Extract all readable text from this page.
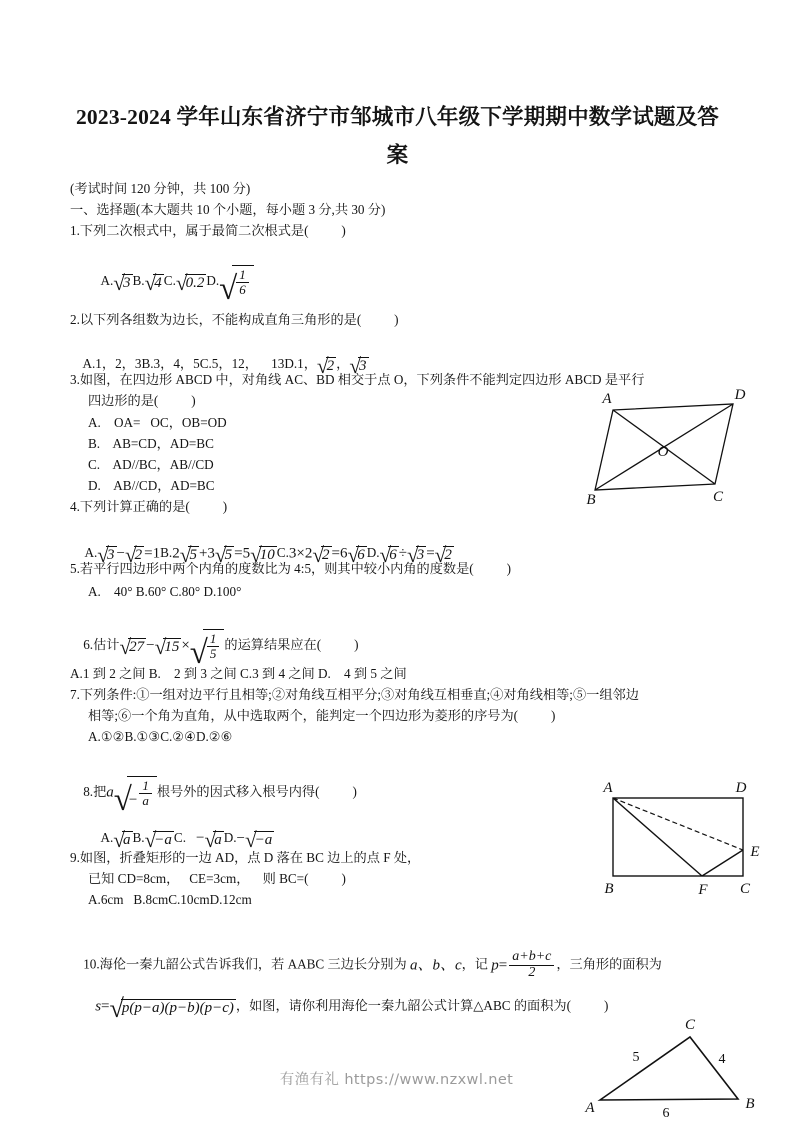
2023-2024 学年山东省济宁市邹城市八年级下学期期中数学试题及答案
(考试时间 120 分钟，共 100 分)
一、选择题(本大题共 10 个小题，每小题 3 分,共 30 分)
1.下列二次根式中，属于最简二次根式是(          )

A.√3 B.√4 C.√0.2 $D.√ \frac{1}{6}$

2.以下列各组数为边长，不能构成直角三角形的是(          )

A.1，2，3B.3，4，5C.5，12，    13D.1，√2 ，√3

3.如图，在四边形 ABCD 中，对角线 AC、BD 相交于点 O，下列条件不能判定四边形 ABCD 是平行
四边形的是(          )
A.    OA=   OC，OB=OD
B.    AB=CD，AD=BC
C.    AD//BC，AB//CD
D.    AB//CD，AD=BC
A	D
B	C
O
4.下列计算正确的是(          )

A.√3 −√2 =1B.2√5 +3√5 =5√10 C.3×2√2 =6√6 D.√6 ÷√3 =√2

5.若平行四边形中两个内角的度数比为 4:5，则其中较小内角的度数是(          )
A.    40° B.60° C.80° D.100°

6.估计√27 −√15 ×√ $\frac{1}{5}$ 的运算结果应在(          )

A.1 到 2 之间 B.    2 到 3 之间 C.3 到 4 之间 D.    4 到 5 之间
7.下列条件:①一组对边平行且相等;②对角线互相平分;③对角线互相垂直;④对角线相等;⑤一组邻边
相等;⑥一个角为直角，从中选取两个，能判定一个四边形为菱形的序号为(          )
A.①②B.①③C.②④D.②⑥

8.把$a√- \frac{1}{a}$ 根号外的因式移入根号内得(          )

A.√a B.√−a C. −√a D.−√−a

9.如图，折叠矩形的一边 AD，点 D 落在 BC 边上的点 F 处，
已知 CD=8cm，   CE=3cm，    则 BC=(          )
A.6cm   B.8cmC.10cmD.12cm
A	D
B	C
E
F

10.海伦一秦九韶公式告诉我们，若 AABC 三边长分别为 a、b、c，记 $p= \frac{a+b+c}{2}$ ，三角形的面积为

s=√p(p−a)(p−b)(p−c) ，如图，请你利用海伦一秦九韶公式计算△ABC 的面积为(          )

C
A	B
5	4
6
有渔有礼 https://www.nzxwl.net
